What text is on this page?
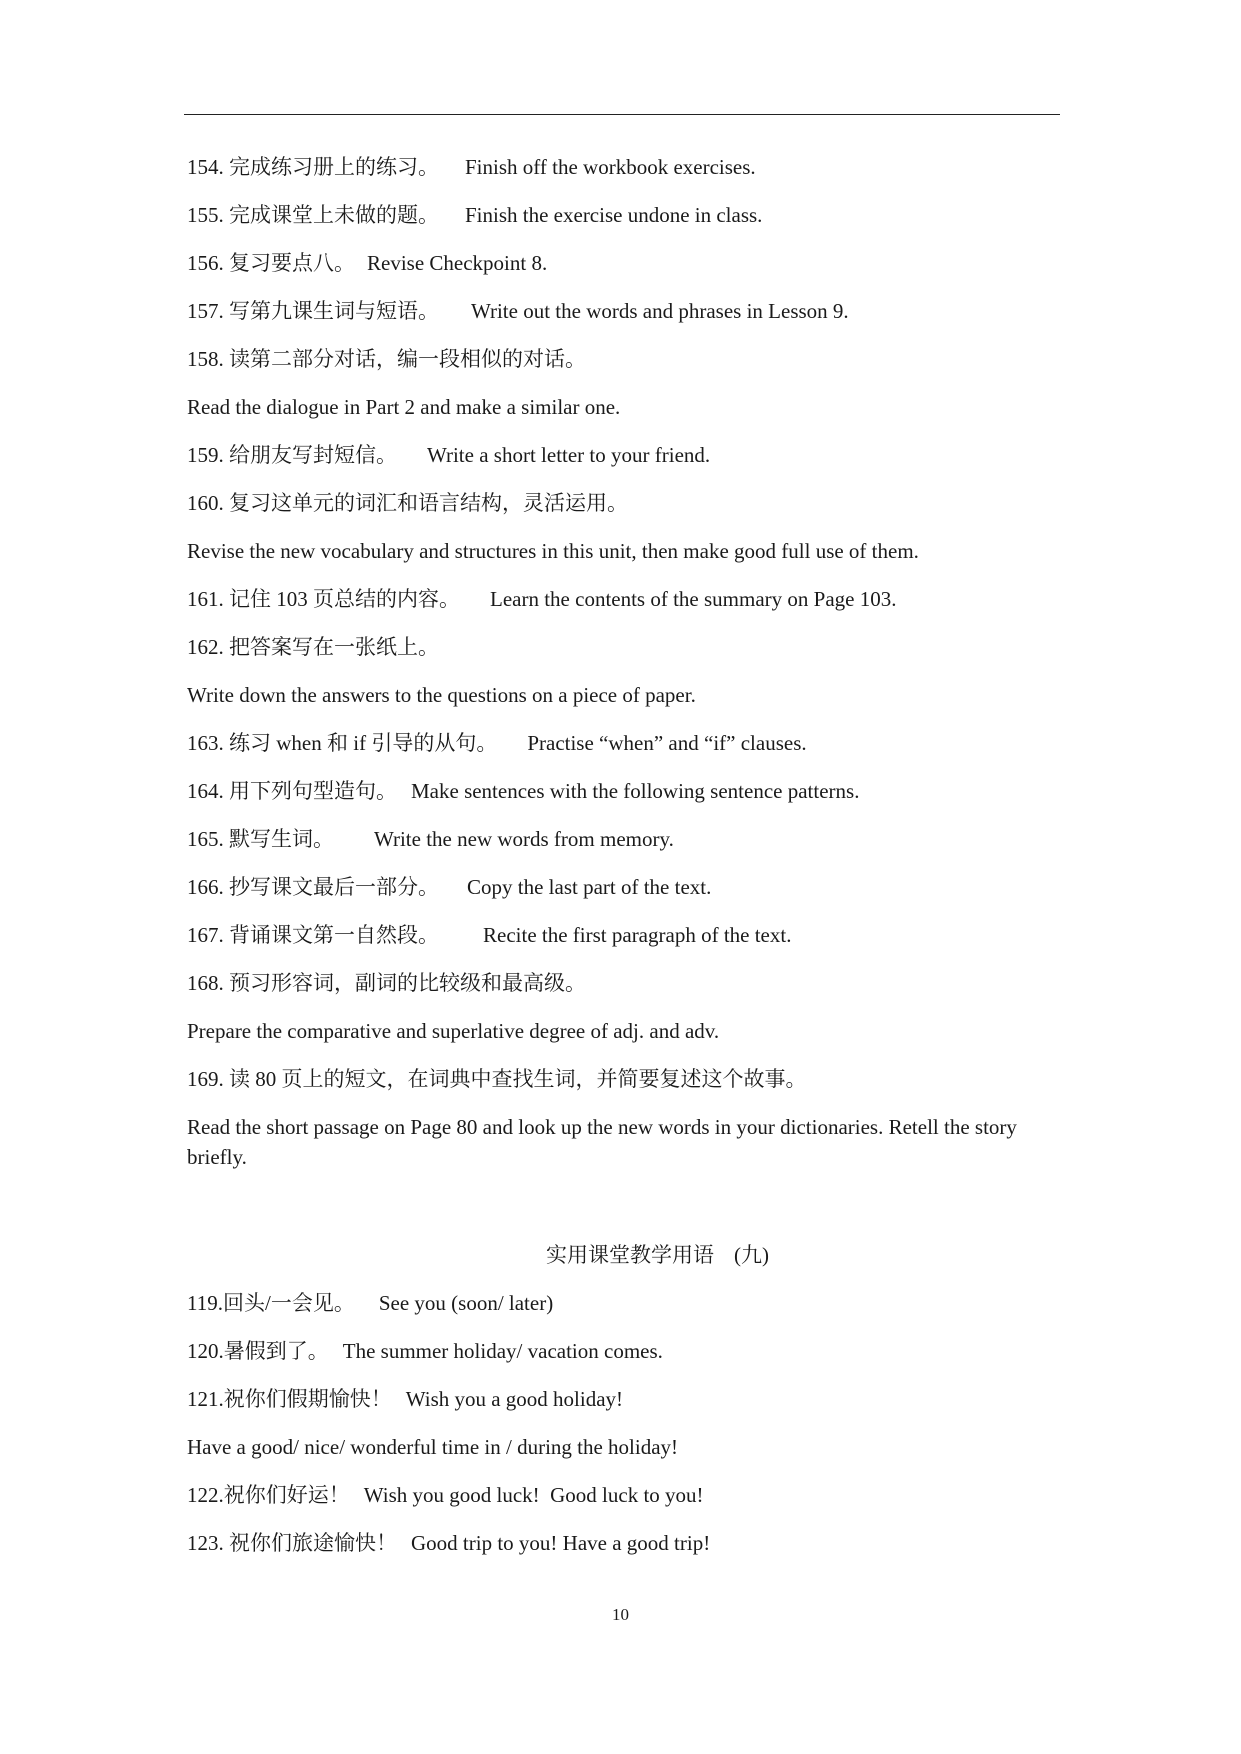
154. 完成练习册上的练习。 Finish off the workbook exercises.
155. 完成课堂上未做的题。 Finish the exercise undone in class.
156. 复习要点八。 Revise Checkpoint 8.
157. 写第九课生词与短语。 Write out the words and phrases in Lesson 9.
158. 读第二部分对话，编一段相似的对话。
Read the dialogue in Part 2 and make a similar one.
159. 给朋友写封短信。 Write a short letter to your friend.
160. 复习这单元的词汇和语言结构，灵活运用。
Revise the new vocabulary and structures in this unit, then make good full use of them.
161. 记住 103 页总结的内容。 Learn the contents of the summary on Page 103.
162. 把答案写在一张纸上。
Write down the answers to the questions on a piece of paper.
163. 练习 when 和 if 引导的从句。 Practise “when” and “if” clauses.
164. 用下列句型造句。 Make sentences with the following sentence patterns.
165. 默写生词。 Write the new words from memory.
166. 抄写课文最后一部分。 Copy the last part of the text.
167. 背诵课文第一自然段。 Recite the first paragraph of the text.
168. 预习形容词，副词的比较级和最高级。
Prepare the comparative and superlative degree of adj. and adv.
169. 读 80 页上的短文，在词典中查找生词，并简要复述这个故事。
Read the short passage on Page 80 and look up the new words in your dictionaries. Retell the story briefly.
实用课堂教学用语 (九)
119.回头/一会见。 See you (soon/ later)
120.暑假到了。 The summer holiday/ vacation comes.
121.祝你们假期愉快！ Wish you a good holiday!
Have a good/ nice/ wonderful time in / during the holiday!
122.祝你们好运！ Wish you good luck!  Good luck to you!
123. 祝你们旅途愉快！ Good trip to you! Have a good trip!
10
